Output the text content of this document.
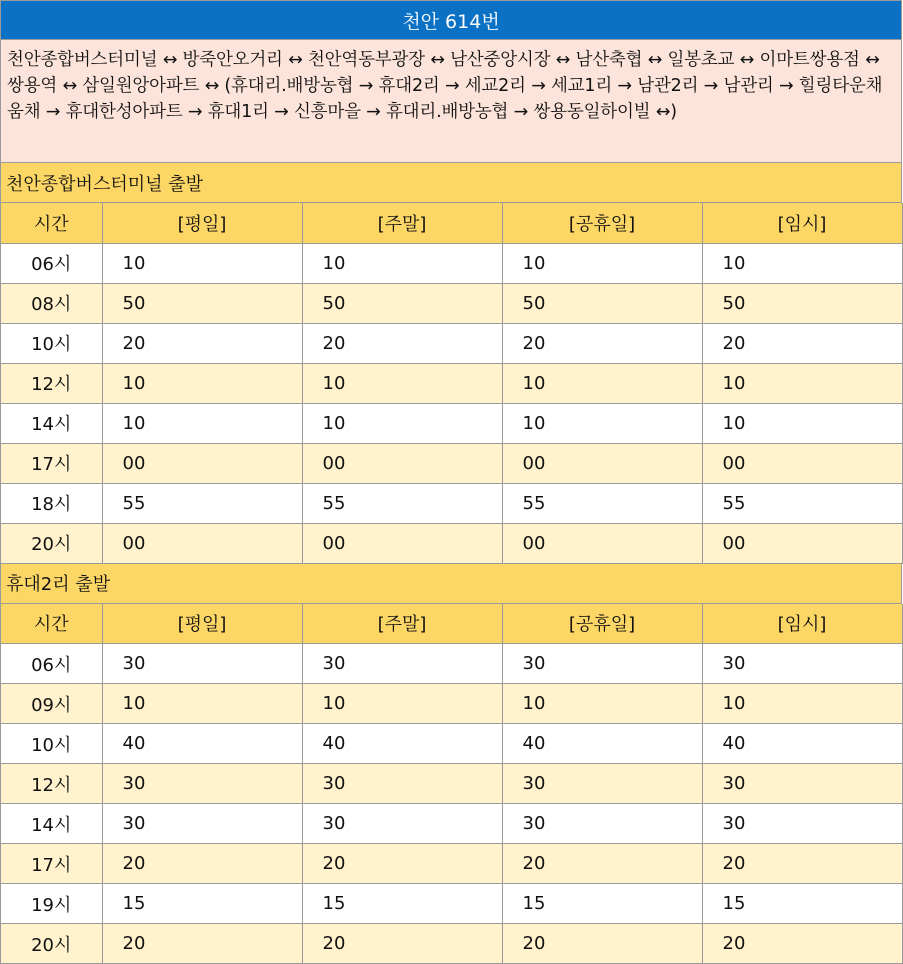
천안 614번
천안종합버스터미널 ↔ 방죽안오거리 ↔ 천안역동부광장 ↔ 남산중앙시장 ↔ 남산축협 ↔ 일봉초교 ↔ 이마트쌍용점 ↔ 쌍용역 ↔ 삼일원앙아파트 ↔ (휴대리.배방농협 → 휴대2리 → 세교2리 → 세교1리 → 남관2리 → 남관리 → 힐링타운채움채 → 휴대한성아파트 → 휴대1리 → 신흥마을 → 휴대리.배방농협 → 쌍용동일하이빌 ↔)
천안종합버스터미널 출발
시간	[평일]	[주말]	[공휴일]	[임시]
06시	10	10	10	10
08시	50	50	50	50
10시	20	20	20	20
12시	10	10	10	10
14시	10	10	10	10
17시	00	00	00	00
18시	55	55	55	55
20시	00	00	00	00
휴대2리 출발
시간	[평일]	[주말]	[공휴일]	[임시]
06시	30	30	30	30
09시	10	10	10	10
10시	40	40	40	40
12시	30	30	30	30
14시	30	30	30	30
17시	20	20	20	20
19시	15	15	15	15
20시	20	20	20	20
